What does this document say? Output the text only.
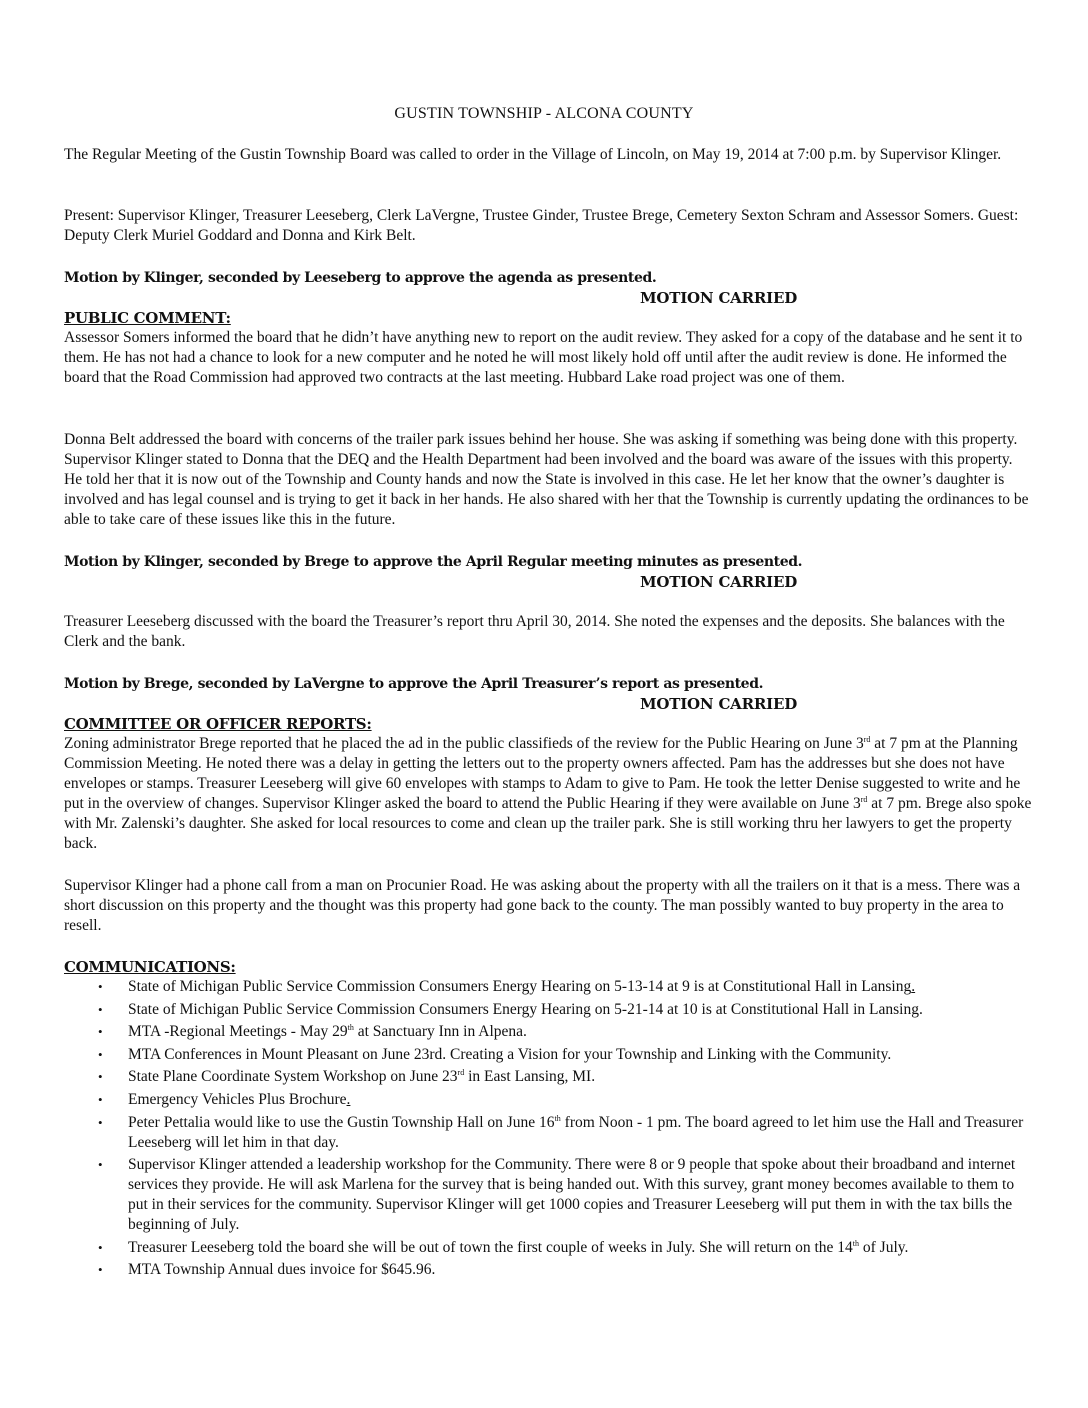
GUSTIN TOWNSHIP - ALCONA COUNTY

The Regular Meeting of the Gustin Township Board was called to order in the Village of Lincoln, on May 19, 2014 at 7:00 p.m. by Supervisor Klinger.

Present: Supervisor Klinger, Treasurer Leeseberg, Clerk LaVergne, Trustee Ginder, Trustee Brege, Cemetery Sexton Schram and Assessor Somers. Guest: Deputy Clerk Muriel Goddard and Donna and Kirk Belt.

Motion by Klinger, seconded by Leeseberg to approve the agenda as presented.

MOTION CARRIED

PUBLIC COMMENT:

Assessor Somers informed the board that he didn’t have anything new to report on the audit review. They asked for a copy of the database and he sent it to them. He has not had a chance to look for a new computer and he noted he will most likely hold off until after the audit review is done. He informed the board that the Road Commission had approved two contracts at the last meeting. Hubbard Lake road project was one of them.

Donna Belt addressed the board with concerns of the trailer park issues behind her house. She was asking if something was being done with this property. Supervisor Klinger stated to Donna that the DEQ and the Health Department had been involved and the board was aware of the issues with this property. He told her that it is now out of the Township and County hands and now the State is involved in this case. He let her know that the owner’s daughter is involved and has legal counsel and is trying to get it back in her hands. He also shared with her that the Township is currently updating the ordinances to be able to take care of these issues like this in the future.

Motion by Klinger, seconded by Brege to approve the April Regular meeting minutes as presented.

MOTION CARRIED

Treasurer Leeseberg discussed with the board the Treasurer’s report thru April 30, 2014. She noted the expenses and the deposits. She balances with the Clerk and the bank.

Motion by Brege, seconded by LaVergne to approve the April Treasurer’s report as presented.

MOTION CARRIED

COMMITTEE OR OFFICER REPORTS:

Zoning administrator Brege reported that he placed the ad in the public classifieds of the review for the Public Hearing on June 3rd at 7 pm at the Planning Commission Meeting. He noted there was a delay in getting the letters out to the property owners affected. Pam has the addresses but she does not have envelopes or stamps. Treasurer Leeseberg will give 60 envelopes with stamps to Adam to give to Pam. He took the letter Denise suggested to write and he put in the overview of changes. Supervisor Klinger asked the board to attend the Public Hearing if they were available on June 3rd at 7 pm. Brege also spoke with Mr. Zalenski’s daughter. She asked for local resources to come and clean up the trailer park. She is still working thru her lawyers to get the property back.

Supervisor Klinger had a phone call from a man on Procunier Road. He was asking about the property with all the trailers on it that is a mess. There was a short discussion on this property and the thought was this property had gone back to the county. The man possibly wanted to buy property in the area to resell.

COMMUNICATIONS:

• State of Michigan Public Service Commission Consumers Energy Hearing on 5-13-14 at 9 is at Constitutional Hall in Lansing.
• State of Michigan Public Service Commission Consumers Energy Hearing on 5-21-14 at 10 is at Constitutional Hall in Lansing.
• MTA -Regional Meetings - May 29th at Sanctuary Inn in Alpena.
• MTA Conferences in Mount Pleasant on June 23rd. Creating a Vision for your Township and Linking with the Community.
• State Plane Coordinate System Workshop on June 23rd in East Lansing, MI.
• Emergency Vehicles Plus Brochure.
• Peter Pettalia would like to use the Gustin Township Hall on June 16th from Noon - 1 pm. The board agreed to let him use the Hall and Treasurer Leeseberg will let him in that day.
• Supervisor Klinger attended a leadership workshop for the Community. There were 8 or 9 people that spoke about their broadband and internet services they provide. He will ask Marlena for the survey that is being handed out. With this survey, grant money becomes available to them to put in their services for the community. Supervisor Klinger will get 1000 copies and Treasurer Leeseberg will put them in with the tax bills the beginning of July.
• Treasurer Leeseberg told the board she will be out of town the first couple of weeks in July. She will return on the 14th of July.
• MTA Township Annual dues invoice for $645.96.
